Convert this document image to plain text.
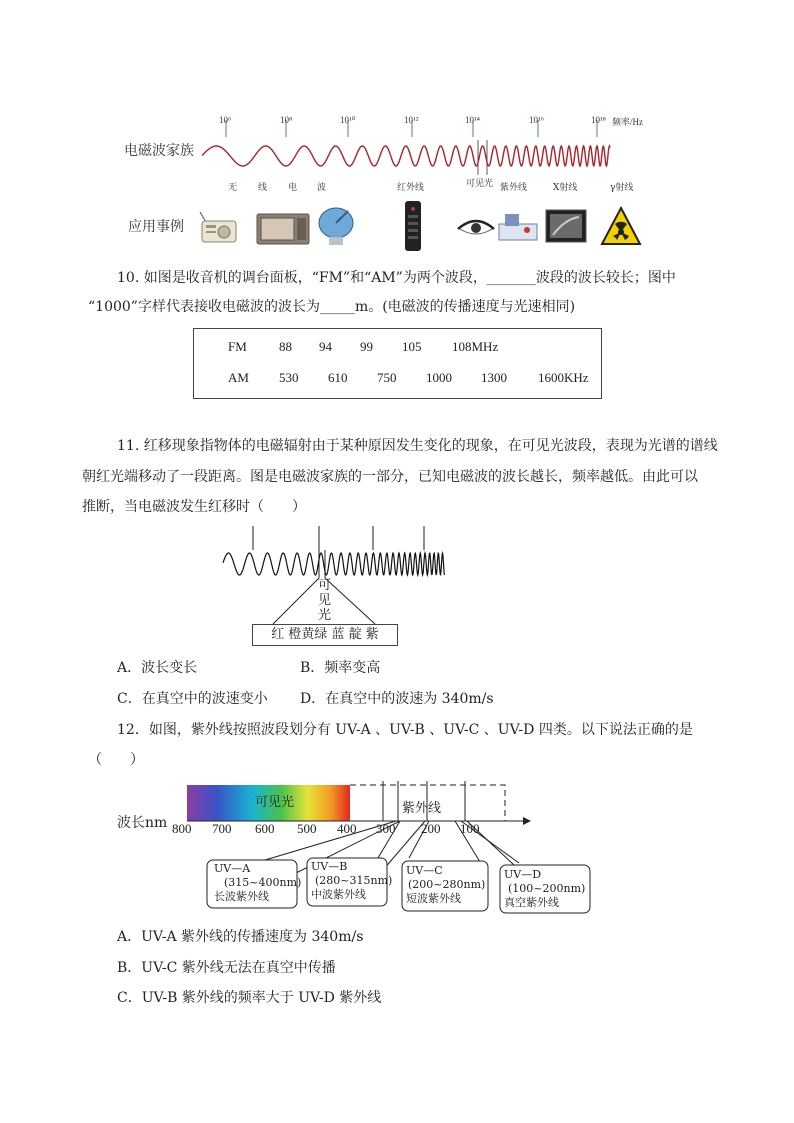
10⁶	10⁸	10¹⁰	10¹²	10¹⁴	10¹⁶	10¹⁸ 频率/Hz
电磁波家族
应用事例
无 线 电 波	红外线	可见光 紫外线	X射线	γ射线
10. 如图是收音机的调台面板，“FM”和“AM”为两个波段，_______波段的波长较长；图中
“1000”字样代表接收电磁波的波长为_____m。(电磁波的传播速度与光速相同)
FM 88 94 99 105 108MHz
AM 530 610 750 1000 1300 1600KHz
11. 红移现象指物体的电磁辐射由于某种原因发生变化的现象，在可见光波段，表现为光谱的谱线
朝红光端移动了一段距离。图是电磁波家族的一部分，已知电磁波的波长越长，频率越低。由此可以
推断，当电磁波发生红移时（　　）
可
见
光
红 橙黄绿 蓝 靛 紫
A．波长变长	B．频率变高
C．在真空中的波速变小 D．在真空中的波速为 340m/s
12．如图，紫外线按照波段划分有 UV-A 、UV-B 、UV-C 、UV-D 四类。以下说法正确的是
（　　）
可见光	紫外线
波长nm 800 700 600 500 400 300 200 100
UV—A
(315~400nm)
长波紫外线
UV—B
(280~315nm)
中波紫外线
UV—C
(200~280nm)
短波紫外线
UV—D
(100~200nm)
真空紫外线
A．UV-A 紫外线的传播速度为 340m/s
B．UV-C 紫外线无法在真空中传播
C．UV-B 紫外线的频率大于 UV-D 紫外线
